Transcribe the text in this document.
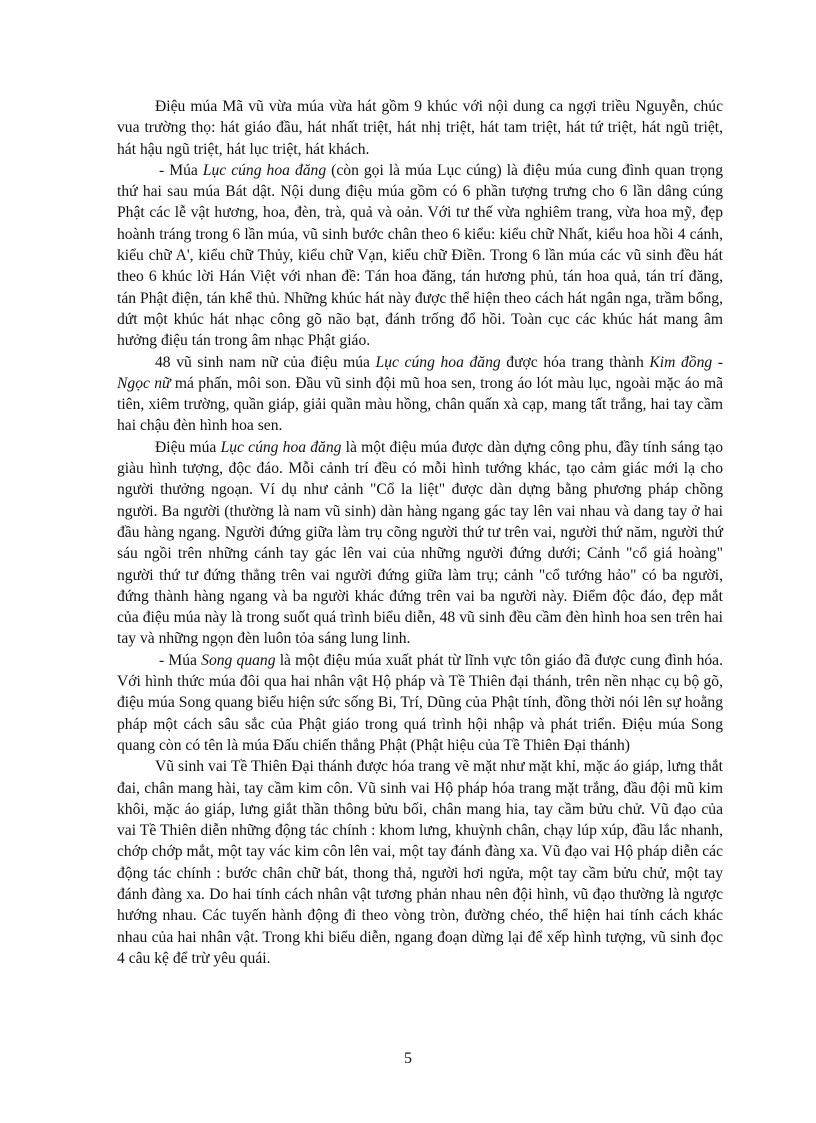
Điệu múa Mã vũ vừa múa vừa hát gồm 9 khúc với nội dung ca ngợi triều Nguyễn, chúc vua trường thọ: hát giáo đầu, hát nhất triệt, hát nhị triệt, hát tam triệt, hát tứ triệt, hát ngũ triệt, hát hậu ngũ triệt, hát lục triệt, hát khách.

- Múa Lục cúng hoa đăng (còn gọi là múa Lục cúng) là điệu múa cung đình quan trọng thứ hai sau múa Bát dật. Nội dung điệu múa gồm có 6 phần tượng trưng cho 6 lần dâng cúng Phật các lễ vật hương, hoa, đèn, trà, quả và oản. Với tư thế vừa nghiêm trang, vừa hoa mỹ, đẹp hoành tráng trong 6 lần múa, vũ sinh bước chân theo 6 kiểu: kiểu chữ Nhất, kiểu hoa hồi 4 cánh, kiểu chữ A', kiểu chữ Thủy, kiểu chữ Vạn, kiểu chữ Điền. Trong 6 lần múa các vũ sinh đều hát theo 6 khúc lời Hán Việt với nhan đề: Tán hoa đăng, tán hương phủ, tán hoa quả, tán trí đăng, tán Phật điện, tán khể thủ. Những khúc hát này được thể hiện theo cách hát ngân nga, trầm bổng, dứt một khúc hát nhạc công gõ não bạt, đánh trống đổ hồi. Toàn cục các khúc hát mang âm hưởng điệu tán trong âm nhạc Phật giáo.

48 vũ sinh nam nữ của điệu múa Lục cúng hoa đăng được hóa trang thành Kim đồng - Ngọc nữ má phấn, môi son. Đầu vũ sinh đội mũ hoa sen, trong áo lót màu lục, ngoài mặc áo mã tiên, xiêm trường, quần giáp, giải quần màu hồng, chân quấn xà cạp, mang tất trắng, hai tay cầm hai chậu đèn hình hoa sen.

Điệu múa Lục cúng hoa đăng là một điệu múa được dàn dựng công phu, đầy tính sáng tạo giàu hình tượng, độc đáo. Mỗi cảnh trí đều có mỗi hình tướng khác, tạo cảm giác mới lạ cho người thưởng ngoạn. Ví dụ như cảnh "Cổ la liệt" được dàn dựng bằng phương pháp chồng người. Ba người (thường là nam vũ sinh) dàn hàng ngang gác tay lên vai nhau và dang tay ở hai đầu hàng ngang. Người đứng giữa làm trụ cõng người thứ tư trên vai, người thứ năm, người thứ sáu ngồi trên những cánh tay gác lên vai của những người đứng dưới; Cảnh "cổ giá hoàng" người thứ tư đứng thẳng trên vai người đứng giữa làm trụ; cảnh "cổ tướng hảo" có ba người, đứng thành hàng ngang và ba người khác đứng trên vai ba người này. Điểm độc đáo, đẹp mắt của điệu múa này là trong suốt quá trình biểu diễn, 48 vũ sinh đều cầm đèn hình hoa sen trên hai tay và những ngọn đèn luôn tỏa sáng lung linh.

- Múa Song quang là một điệu múa xuất phát từ lĩnh vực tôn giáo đã được cung đình hóa. Với hình thức múa đôi qua hai nhân vật Hộ pháp và Tề Thiên đại thánh, trên nền nhạc cụ bộ gõ, điệu múa Song quang biểu hiện sức sống Bi, Trí, Dũng của Phật tính, đồng thời nói lên sự hoằng pháp một cách sâu sắc của Phật giáo trong quá trình hội nhập và phát triển. Điệu múa Song quang còn có tên là múa Đấu chiến thắng Phật (Phật hiệu của Tề Thiên Đại thánh)

Vũ sinh vai Tề Thiên Đại thánh được hóa trang vẽ mặt như mặt khỉ, mặc áo giáp, lưng thắt đai, chân mang hài, tay cầm kim côn. Vũ sinh vai Hộ pháp hóa trang mặt trắng, đầu đội mũ kim khôi, mặc áo giáp, lưng giắt thần thông bửu bối, chân mang hia, tay cầm bửu chử. Vũ đạo của vai Tề Thiên diễn những động tác chính : khom lưng, khuỳnh chân, chạy lúp xúp, đầu lắc nhanh, chớp chớp mắt, một tay vác kim côn lên vai, một tay đánh đàng xa. Vũ đạo vai Hộ pháp diễn các động tác chính : bước chân chữ bát, thong thả, người hơi ngửa, một tay cầm bửu chử, một tay đánh đàng xa. Do hai tính cách nhân vật tương phản nhau nên đội hình, vũ đạo thường là ngược hướng nhau. Các tuyến hành động đi theo vòng tròn, đường chéo, thể hiện hai tính cách khác nhau của hai nhân vật. Trong khi biểu diễn, ngang đoạn dừng lại để xếp hình tượng, vũ sinh đọc 4 câu kệ để trừ yêu quái.

5
